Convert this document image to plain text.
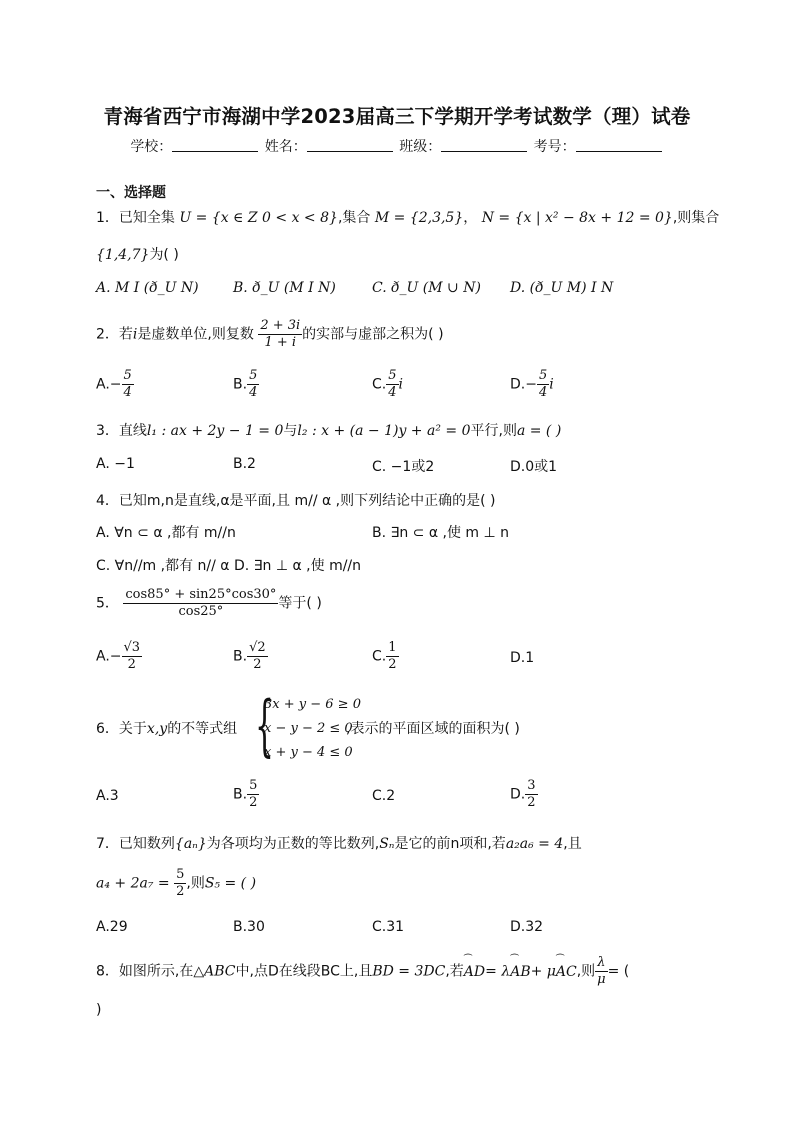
青海省西宁市海湖中学2023届高三下学期开学考试数学（理）试卷
学校：	姓名：	班级：	考号：
一、选择题
1．已知全集 U = {x ∈ Z 0 < x < 8},集合 M = {2,3,5}， N = {x | x² − 8x + 12 = 0},则集合
{1,4,7}为( )
A. M I (ð_U N) B. ð_U (M I N)	C. ð_U (M ∪ N) D. (ð_U M) I N
2．若i是虚数单位,则复数 $\frac{2 + 3i}{1 + i}$ 的实部与虚部之积为( )
$A.- \frac{5}{4}$	B. $\frac{5}{4}$	C. $\frac{5}{4}$ i	$D.- \frac{5}{4}$ i
3．直线l₁ : ax + 2y − 1 = 0与l₂ : x + (a − 1)y + a² = 0平行,则a = ( )
A. −1	B.2	C. −1或2	D.0或1
4．已知m,n是直线,α是平面,且 m// α ,则下列结论中正确的是( )
A. ∀n ⊂ α ,都有 m//n	B. ∃n ⊂ α ,使 m ⊥ n
C. ∀n//m ,都有 n// α D. ∃n ⊥ α ,使 m//n
5． $\frac{\cos 85^\circ + \sin 25^\circ\cos 30^\circ}{\cos 25^\circ}$ 等于( )
$A.- \frac{√3}{2}$	B. $\frac{√2}{2}$	C. $\frac{1}{2}$	D.1
6．关于x,y的不等式组 {
3x + y − 6 ≥ 0
x − y − 2 ≤ 0
x + y − 4 ≤ 0
,表示的平面区域的面积为( )
A.3	B. $\frac{5}{2}$	C.2	D. $\frac{3}{2}$
7．已知数列{aₙ}为各项均为正数的等比数列,Sₙ是它的前n项和,若a₂a₆ = 4,且
$a_4 + 2a_7 = \frac{5}{2}$ ,则S₅ = ( )
A.29	B.30	C.31	D.32
8．如图所示,在△ABC中,点D在线段BC上,且BD = 3DC,若⏜ AD= λ⏜ AB+ μ⏜ AC,则 $\frac{\lambda}{\mu}$ = (
)
